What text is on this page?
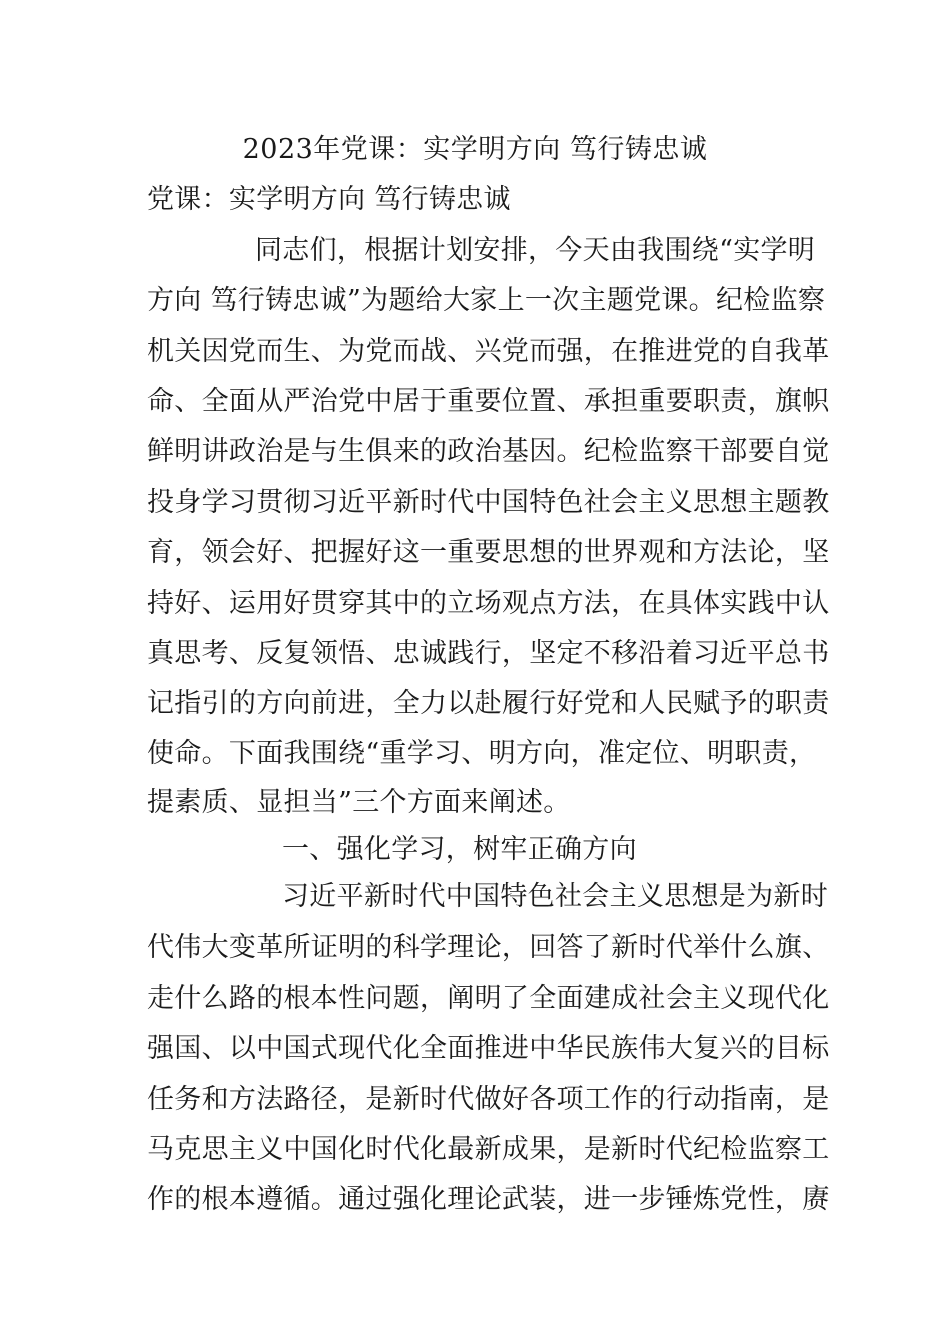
2023年党课：实学明方向 笃行铸忠诚
党课：实学明方向 笃行铸忠诚
同志们，根据计划安排，今天由我围绕“实学明
方向 笃行铸忠诚”为题给大家上一次主题党课。纪检监察
机关因党而生、为党而战、兴党而强，在推进党的自我革
命、全面从严治党中居于重要位置、承担重要职责，旗帜
鲜明讲政治是与生俱来的政治基因。纪检监察干部要自觉
投身学习贯彻习近平新时代中国特色社会主义思想主题教
育，领会好、把握好这一重要思想的世界观和方法论，坚
持好、运用好贯穿其中的立场观点方法，在具体实践中认
真思考、反复领悟、忠诚践行，坚定不移沿着习近平总书
记指引的方向前进，全力以赴履行好党和人民赋予的职责
使命。下面我围绕“重学习、明方向，准定位、明职责，
提素质、显担当”三个方面来阐述。
一、强化学习，树牢正确方向
习近平新时代中国特色社会主义思想是为新时
代伟大变革所证明的科学理论，回答了新时代举什么旗、
走什么路的根本性问题，阐明了全面建成社会主义现代化
强国、以中国式现代化全面推进中华民族伟大复兴的目标
任务和方法路径，是新时代做好各项工作的行动指南，是
马克思主义中国化时代化最新成果，是新时代纪检监察工
作的根本遵循。通过强化理论武装，进一步锤炼党性，赓
